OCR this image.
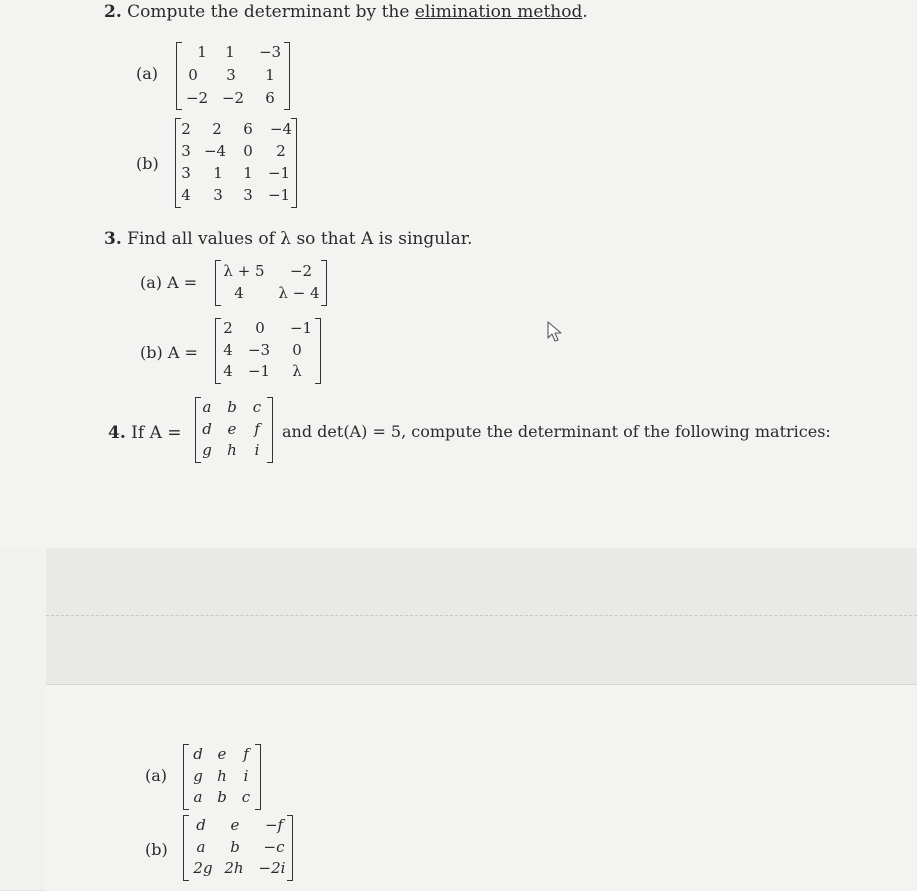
2. Compute the determinant by the elimination method.
(a)
1 1 −3
0 3 1
−2 −2 6
(b)
2 2 6 −4
3 −4 0 2
3 1 1 −1
4 3 3 −1
3. Find all values of λ so that A is singular.
(a) A =
λ + 5 −2
4 λ − 4
(b) A =
2 0 −1
4 −3 0
4 −1 λ
4. If A =
a b c
d e f
g h i
and det(A) = 5, compute the determinant of the following matrices:
(a)
d e f
g h i
a b c
(b)
d e −f
a b −c
2g 2h −2i
